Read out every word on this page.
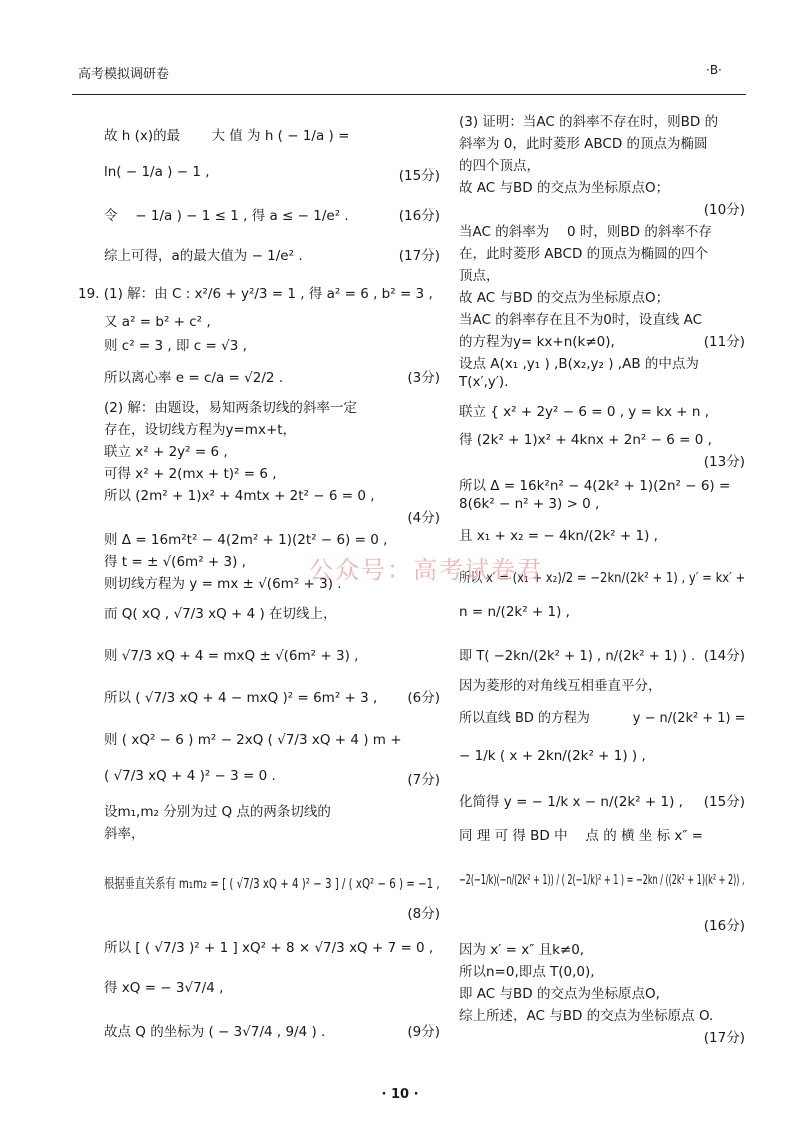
高考模拟调研卷	·B·
故 h (x)的最　　 大 值 为 h ( − 1/a ) =
ln( − 1/a ) − 1 ,	(15分)
令　 − 1/a ) − 1 ≤ 1 , 得 a ≤ − 1/e² .	(16分)
综上可得，a的最大值为 − 1/e² .	(17分)
19. (1) 解：由 C : x²/6 + y²/3 = 1 , 得 a² = 6 , b² = 3 ,
又 a² = b² + c² ,
则 c² = 3 , 即 c = √3 ,
所以离心率 e = c/a = √2/2 .	(3分)
(2) 解：由题设，易知两条切线的斜率一定
存在，设切线方程为y=mx+t，
联立 x² + 2y² = 6 ,
可得 x² + 2(mx + t)² = 6 ,
所以 (2m² + 1)x² + 4mtx + 2t² − 6 = 0 ,
(4分)
则 Δ = 16m²t² − 4(2m² + 1)(2t² − 6) = 0 ,
得 t = ± √(6m² + 3) ,
则切线方程为 y = mx ± √(6m² + 3) .
而 Q( xQ , √7/3 xQ + 4 ) 在切线上，
则 √7/3 xQ + 4 = mxQ ± √(6m² + 3) ,
所以 ( √7/3 xQ + 4 − mxQ )² = 6m² + 3 , (6分)
则 ( xQ² − 6 ) m² − 2xQ ( √7/3 xQ + 4 ) m +
( √7/3 xQ + 4 )² − 3 = 0 .	(7分)
设m₁,m₂ 分别为过 Q 点的两条切线的
斜率，
根据垂直关系有 m₁m₂ = [ ( √7/3 xQ + 4 )² − 3 ] / ( xQ² − 6 ) = −1 ,
(8分)
所以 [ ( √7/3 )² + 1 ] xQ² + 8 × √7/3 xQ + 7 = 0 ,
得 xQ = − 3√7/4 ,
故点 Q 的坐标为 ( − 3√7/4 , 9/4 ) .	(9分)
(3) 证明：当AC 的斜率不存在时，则BD 的
斜率为 0，此时菱形 ABCD 的顶点为椭圆
的四个顶点，
故 AC 与BD 的交点为坐标原点O；
(10分)
当AC 的斜率为　 0 时，则BD 的斜率不存
在，此时菱形 ABCD 的顶点为椭圆的四个
顶点，
故 AC 与BD 的交点为坐标原点O；
当AC 的斜率存在且不为0时，设直线 AC
的方程为y= kx+n(k≠0),	(11分)
设点 A(x₁ ,y₁ ) ,B(x₂,y₂ ) ,AB 的中点为
T(x′,y′).
联立 { x² + 2y² − 6 = 0 , y = kx + n ,
得 (2k² + 1)x² + 4knx + 2n² − 6 = 0 ,
(13分)
所以 Δ = 16k²n² − 4(2k² + 1)(2n² − 6) =
8(6k² − n² + 3) > 0 ,
且 x₁ + x₂ = − 4kn/(2k² + 1) ,
所以 x′ = (x₁ + x₂)/2 = −2kn/(2k² + 1) , y′ = kx′ +
n = n/(2k² + 1) ,
即 T( −2kn/(2k² + 1) , n/(2k² + 1) ) . (14分)
因为菱形的对角线互相垂直平分，
所以直线 BD 的方程为　　　 y − n/(2k² + 1) =
− 1/k ( x + 2kn/(2k² + 1) ) ,
化简得 y = − 1/k x − n/(2k² + 1) , (15分)
同 理 可 得 BD 中　 点 的 横 坐 标 x″ =
−2(−1/k)(−n/(2k² + 1)) / ( 2(−1/k)² + 1 ) = −2kn / ((2k² + 1)(k² + 2)) ,
(16分)
因为 x′ = x″ 且k≠0,
所以n=0,即点 T(0,0),
即 AC 与BD 的交点为坐标原点O,
综上所述，AC 与BD 的交点为坐标原点 O.
(17分)
公众号：高考试卷君
· 10 ·
